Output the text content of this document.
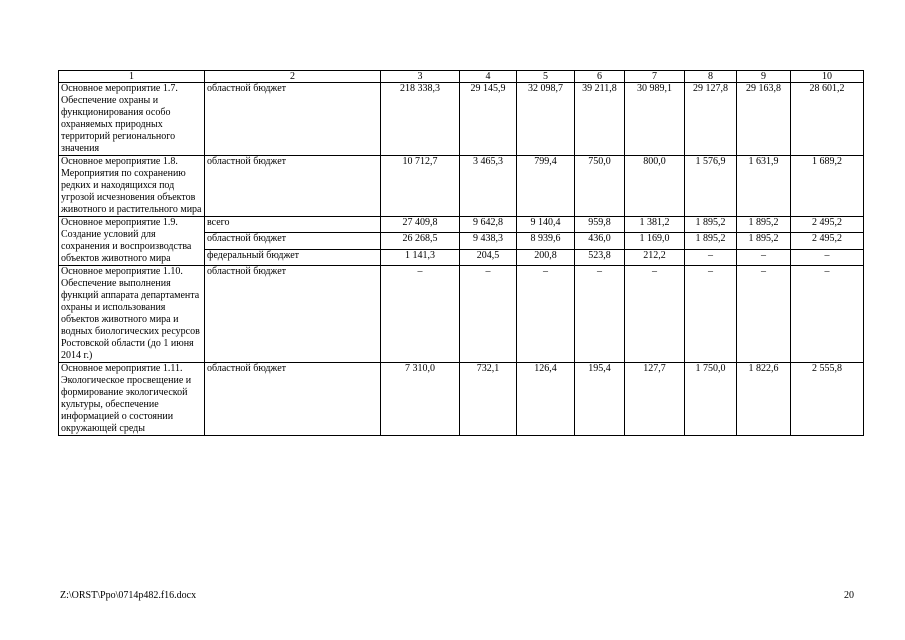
1	2	3	4	5	6	7	8	9	10
Основное мероприятие 1.7. Обеспечение охраны и функционирования особо охраняемых природных территорий регионального значения	областной бюджет	218 338,3	29 145,9	32 098,7	39 211,8	30 989,1	29 127,8	29 163,8	28 601,2
Основное мероприятие 1.8. Мероприятия по сохранению редких и находящихся под угрозой исчезновения объектов животного и растительного мира	областной бюджет	10 712,7	3 465,3	799,4	750,0	800,0	1 576,9	1 631,9	1 689,2
Основное мероприятие 1.9. Создание условий для сохранения и воспроизводства объектов животного мира	всего	27 409,8	9 642,8	9 140,4	959,8	1 381,2	1 895,2	1 895,2	2 495,2
	областной бюджет	26 268,5	9 438,3	8 939,6	436,0	1 169,0	1 895,2	1 895,2	2 495,2
	федеральный бюджет	1 141,3	204,5	200,8	523,8	212,2	–	–	–
Основное мероприятие 1.10. Обеспечение выполнения функций аппарата департамента охраны и использования объектов животного мира и водных биологических ресурсов Ростовской области (до 1 июня 2014 г.)	областной бюджет	–	–	–	–	–	–	–	–
Основное мероприятие 1.11. Экологическое просвещение и формирование экологической культуры, обеспечение информацией о состоянии окружающей среды	областной бюджет	7 310,0	732,1	126,4	195,4	127,7	1 750,0	1 822,6	2 555,8
Z:\ORST\Ppo\0714p482.f16.docx	20
